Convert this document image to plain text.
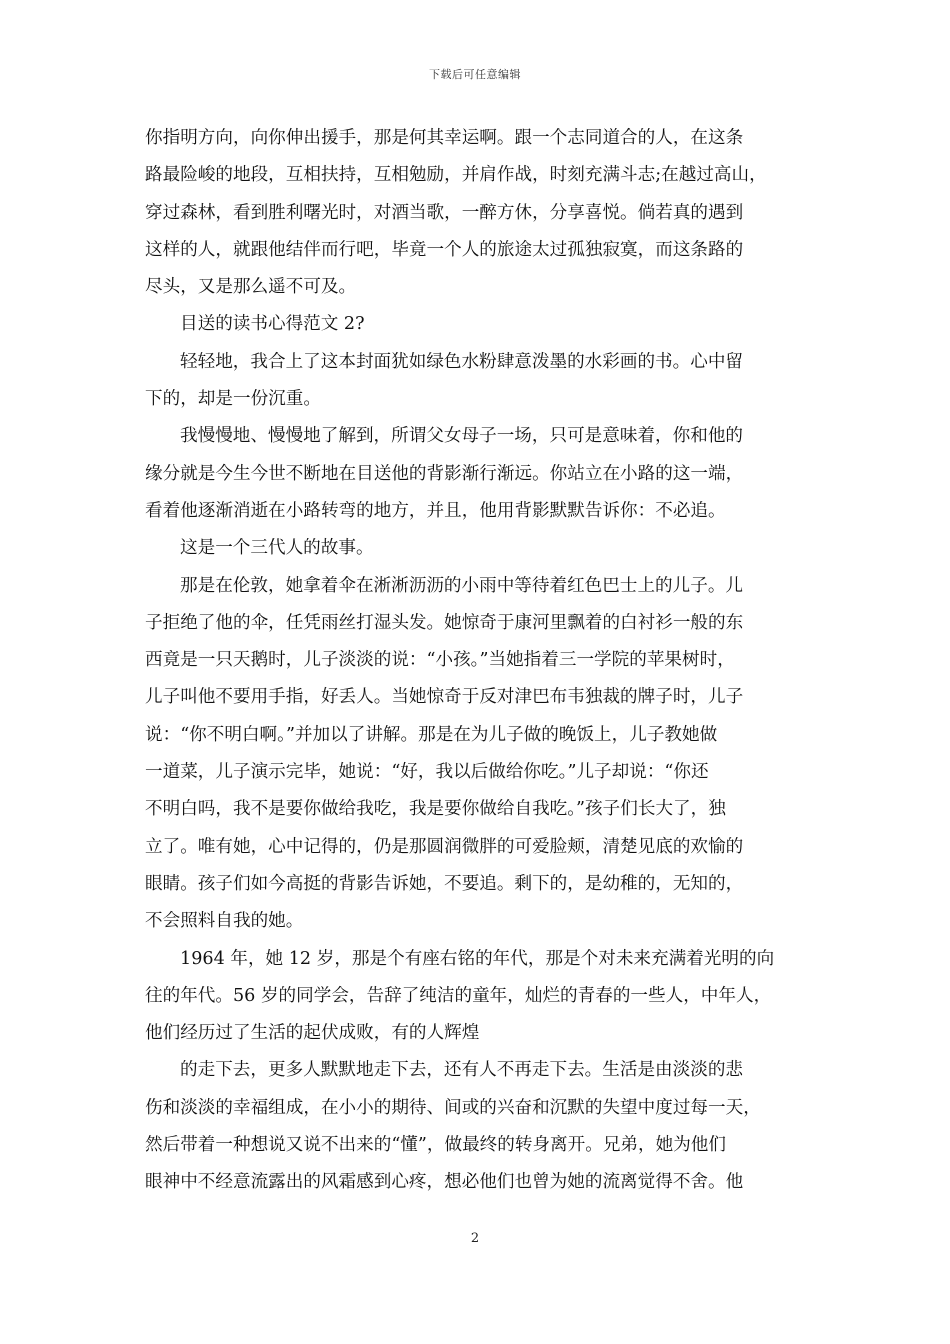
下载后可任意编辑
你指明方向，向你伸出援手，那是何其幸运啊。跟一个志同道合的人，在这条
路最险峻的地段，互相扶持，互相勉励，并肩作战，时刻充满斗志;在越过高山，
穿过森林，看到胜利曙光时，对酒当歌，一醉方休，分享喜悦。倘若真的遇到
这样的人，就跟他结伴而行吧，毕竟一个人的旅途太过孤独寂寞，而这条路的
尽头，又是那么遥不可及。
目送的读书心得范文 2?
轻轻地，我合上了这本封面犹如绿色水粉肆意泼墨的水彩画的书。心中留
下的，却是一份沉重。
我慢慢地、慢慢地了解到，所谓父女母子一场，只可是意味着，你和他的
缘分就是今生今世不断地在目送他的背影渐行渐远。你站立在小路的这一端，
看着他逐渐消逝在小路转弯的地方，并且，他用背影默默告诉你：不必追。
这是一个三代人的故事。
那是在伦敦，她拿着伞在淅淅沥沥的小雨中等待着红色巴士上的儿子。儿
子拒绝了他的伞，任凭雨丝打湿头发。她惊奇于康河里飘着的白衬衫一般的东
西竟是一只天鹅时，儿子淡淡的说：“小孩。”当她指着三一学院的苹果树时，
儿子叫他不要用手指，好丢人。当她惊奇于反对津巴布韦独裁的牌子时，儿子
说：“你不明白啊。”并加以了讲解。那是在为儿子做的晚饭上，儿子教她做
一道菜，儿子演示完毕，她说：“好，我以后做给你吃。”儿子却说：“你还
不明白吗，我不是要你做给我吃，我是要你做给自我吃。”孩子们长大了，独
立了。唯有她，心中记得的，仍是那圆润微胖的可爱脸颊，清楚见底的欢愉的
眼睛。孩子们如今高挺的背影告诉她，不要追。剩下的，是幼稚的，无知的，
不会照料自我的她。
1964 年，她 12 岁，那是个有座右铭的年代，那是个对未来充满着光明的向
往的年代。56 岁的同学会，告辞了纯洁的童年，灿烂的青春的一些人，中年人，
他们经历过了生活的起伏成败，有的人辉煌
的走下去，更多人默默地走下去，还有人不再走下去。生活是由淡淡的悲
伤和淡淡的幸福组成，在小小的期待、间或的兴奋和沉默的失望中度过每一天，
然后带着一种想说又说不出来的“懂”，做最终的转身离开。兄弟，她为他们
眼神中不经意流露出的风霜感到心疼，想必他们也曾为她的流离觉得不舍。他
2
